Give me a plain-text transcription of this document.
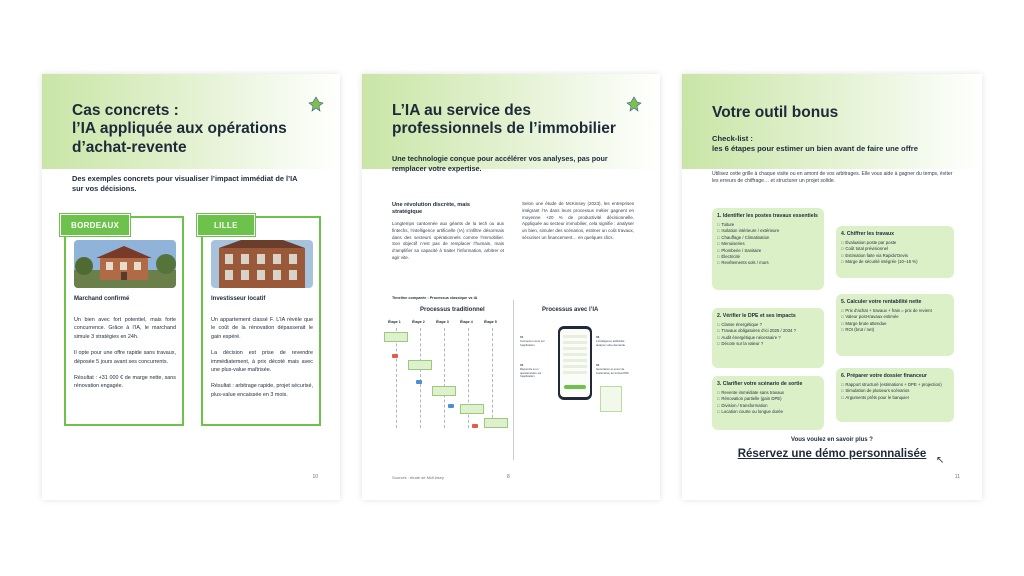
Cas concrets :
l’IA appliquée aux opérations
d’achat-revente
Des exemples concrets pour visualiser l’impact immédiat de l’IA sur vos décisions.
Marchand confirmé

Un bien avec fort potentiel, mais forte concurrence. Grâce à l’IA, le marchand simule 3 stratégies en 24h.

Il opte pour une offre rapide sans travaux, déposée 5 jours avant ses concurrents.

Résultat : +31 000 € de marge nette, sans rénovation engagée.

BORDEAUX
Investisseur locatif

Un appartement classé F. L’IA révèle que le coût de la rénovation dépasserait le gain espéré.

La décision est prise de revendre immédiatement, à prix décoté mais avec une plus-value maîtrisée.

Résultat : arbitrage rapide, projet sécurisé, plus-value encaissée en 3 mois.

LILLE
10
L’IA au service des
professionnels de l’immobilier
Une technologie conçue pour accélérer vos analyses, pas pour remplacer votre expertise.
Une révolution discrète, mais stratégique
Longtemps cantonnée aux géants de la tech ou aux fintechs, l’intelligence artificielle (IA) s’infiltre désormais dans des secteurs opérationnels comme l’immobilier. Son objectif n’est pas de remplacer l’humain, mais d’amplifier sa capacité à traiter l’information, arbitrer et agir vite.
Selon une étude de McKinsey (2023), les entreprises intégrant l’IA dans leurs processus métier gagnent en moyenne +20 % de productivité décisionnelle. Appliquée au secteur immobilier, cela signifie : analyser un bien, simuler des scénarios, estimer un coût travaux, sécuriser un financement… en quelques clics.
Timeline comparée : Processus classique vs IA
Processus traditionnel	Processus avec l’IA
Étape 1	Étape 2	Étape 3	Étape 4	Étape 5
01
Connexion vous sur l’application
02
Répondre à un questionnaire sur l’application
03
L’intelligence artificielle analyse votre demande
04
Génération et envoi de l’estimation au format PDF
Sources : étude de McKinsey	8
Votre outil bonus
Check-list :
les 6 étapes pour estimer un bien avant de faire une offre
Utilisez cette grille à chaque visite ou en amont de vos arbitrages. Elle vous aide à gagner du temps, éviter les erreurs de chiffrage… et structurer un projet solide.
1. Identifier les postes travaux essentiels
□ Toiture
□ Isolation intérieure / extérieure
□ Chauffage / Climatisation
□ Menuiseries
□ Plomberie / Sanitaire
□ Électricité
□ Revêtements sols / murs
2. Vérifier le DPE et ses impacts
□ Classe énergétique ?
□ Travaux obligatoires d’ici 2025 / 2034 ?
□ Audit énergétique nécessaire ?
□ Décote sur la valeur ?
3. Clarifier votre scénario de sortie
□ Revente immédiate sans travaux
□ Rénovation partielle (gain DPE)
□ Division / transformation
□ Location courte ou longue durée
4. Chiffrer les travaux
□ Évaluation poste par poste
□ Coût total prévisionnel
□ Estimation faite via Rapido'Devis
□ Marge de sécurité intégrée (10–15 %)
5. Calculer votre rentabilité nette
□ Prix d’achat + travaux + frais = prix de revient
□ Valeur post-travaux estimée
□ Marge brute attendue
□ ROI (brut / net)
6. Préparer votre dossier financeur
□ Rapport structuré (estimations + DPE + projection)
□ Simulation de plusieurs scénarios
□ Arguments prêts pour le banquier
Vous voulez en savoir plus ?
Réservez une démo personnalisée
↖
11
